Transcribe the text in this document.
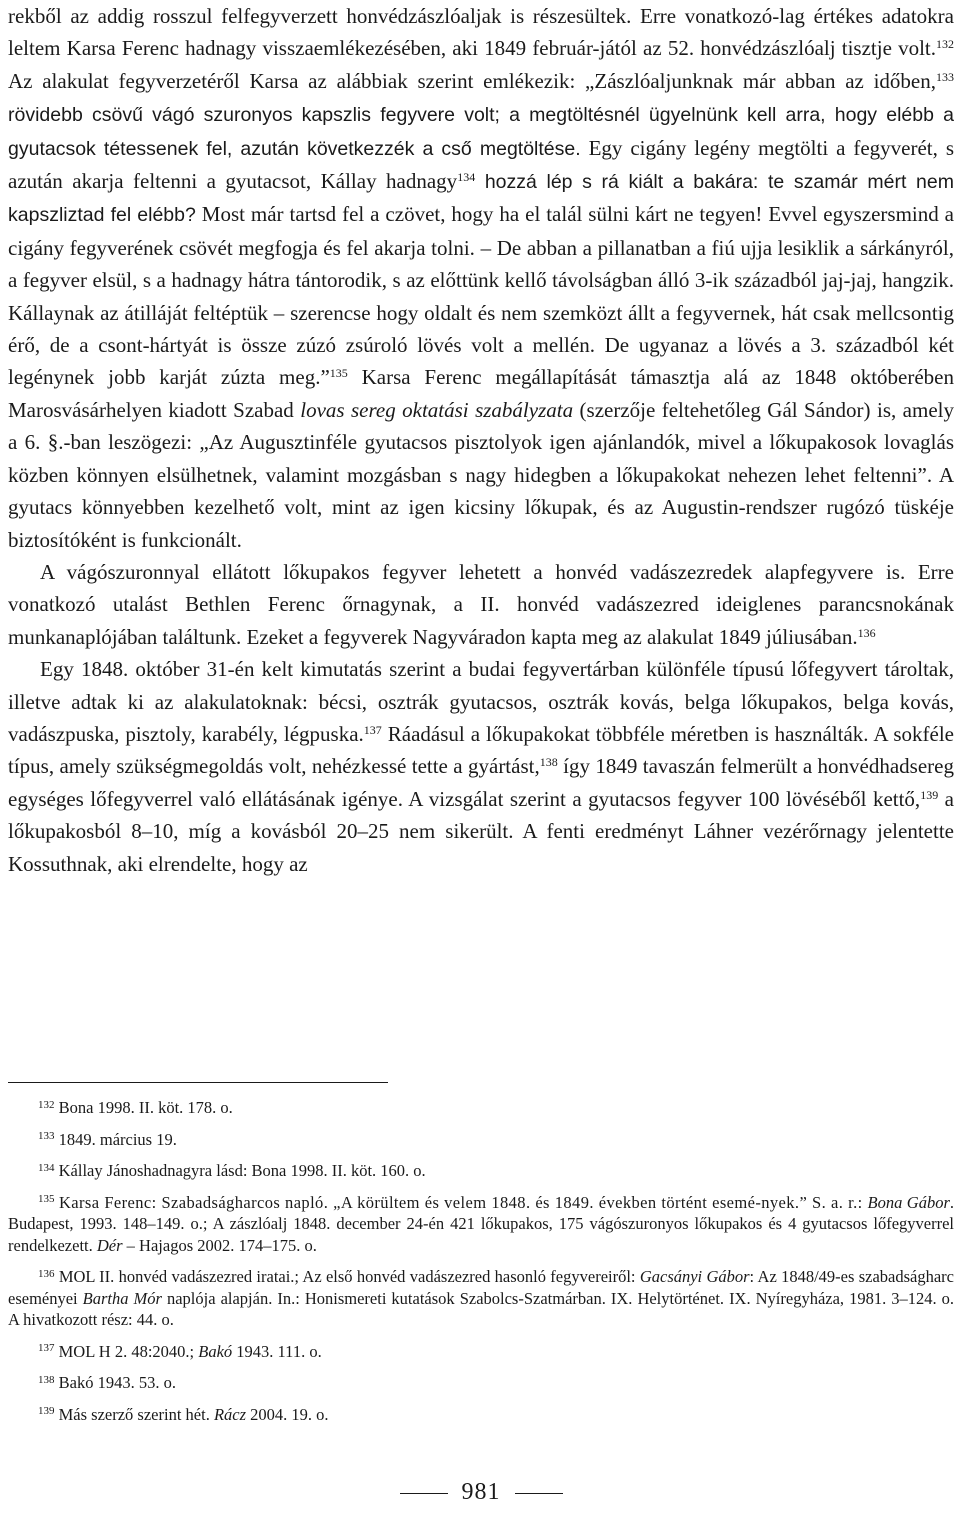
rekből az addig rosszul felfegyverzett honvédzászlóaljak is részesültek. Erre vonatkozó-lag értékes adatokra leltem Karsa Ferenc hadnagy visszaemlékezésében, aki 1849 február-jától az 52. honvédzászlóalj tisztje volt.$^{132}$ Az alakulat fegyverzetéről Karsa az alábbiak szerint emlékezik: „Zászlóaljunknak már abban az időben,$^{133}$ rövidebb csövű vágó szuronyos kapszlis fegyvere volt; a megtöltésnél ügyelnünk kell arra, hogy elébb a gyutacsok tétessenek fel, azután következzék a cső megtöltése. Egy cigány legény megtölti a fegyverét, s azután akarja feltenni a gyutacsot, Kállay hadnagy$^{134}$ hozzá lép s rá kiált a bakára: te szamár mért nem kapszliztad fel elébb? Most már tartsd fel a czövet, hogy ha el talál sülni kárt ne tegyen! Evvel egyszersmind a cigány fegyverének csövét megfogja és fel akarja tolni. – De abban a pillanatban a fiú ujja lesiklik a sárkányról, a fegyver elsül, s a hadnagy hátra tántorodik, s az előttünk kellő távolságban álló 3-ik századból jaj-jaj, hangzik. Kállaynak az átilláját feltéptük – szerencse hogy oldalt és nem szemközt állt a fegyvernek, hát csak mellcsontig érő, de a csont-hártyát is össze zúzó zsúroló lövés volt a mellén. De ugyanaz a lövés a 3. századból két legénynek jobb karját zúzta meg.”$^{135}$ Karsa Ferenc megállapítását támasztja alá az 1848 októberében Marosvásárhelyen kiadott Szabad lovas sereg oktatási szabályzata (szerzője feltehetőleg Gál Sándor) is, amely a 6. §.-ban leszögezi: „Az Augusztinféle gyutacsos pisztolyok igen ajánlandók, mivel a lőkupakosok lovaglás közben könnyen elsülhetnek, valamint mozgásban s nagy hidegben a lőkupakokat nehezen lehet feltenni”. A gyutacs könnyebben kezelhető volt, mint az igen kicsiny lőkupak, és az Augustin-rendszer rugózó tüskéje biztosítóként is funkcionált.

A vágószuronnyal ellátott lőkupakos fegyver lehetett a honvéd vadászezredek alapfegyvere is. Erre vonatkozó utalást Bethlen Ferenc őrnagynak, a II. honvéd vadászezred ideiglenes parancsnokának munkanaplójában találtunk. Ezeket a fegyverek Nagyváradon kapta meg az alakulat 1849 júliusában.$^{136}$

Egy 1848. október 31-én kelt kimutatás szerint a budai fegyvertárban különféle típusú lőfegyvert tároltak, illetve adtak ki az alakulatoknak: bécsi, osztrák gyutacsos, osztrák kovás, belga lőkupakos, belga kovás, vadászpuska, pisztoly, karabély, légpuska.$^{137}$ Ráadásul a lőkupakokat többféle méretben is használták. A sokféle típus, amely szükségmegoldás volt, nehézkessé tette a gyártást,$^{138}$ így 1849 tavaszán felmerült a honvédhadsereg egységes lőfegyverrel való ellátásának igénye. A vizsgálat szerint a gyutacsos fegyver 100 lövéséből kettő,$^{139}$ a lőkupakosból 8–10, míg a kovásból 20–25 nem sikerült. A fenti eredményt Láhner vezérőrnagy jelentette Kossuthnak, aki elrendelte, hogy az

$^{132}$ Bona 1998. II. köt. 178. o.

$^{133}$ 1849. március 19.

$^{134}$ Kállay Jánoshadnagyra lásd: Bona 1998. II. köt. 160. o.

$^{135}$ Karsa Ferenc: Szabadságharcos napló. „A körültem és velem 1848. és 1849. években történt esemé-nyek.” S. a. r.: Bona Gábor. Budapest, 1993. 148–149. o.; A zászlóalj 1848. december 24-én 421 lőkupakos, 175 vágószuronyos lőkupakos és 4 gyutacsos lőfegyverrel rendelkezett. Dér – Hajagos 2002. 174–175. o.

$^{136}$ MOL II. honvéd vadászezred iratai.; Az első honvéd vadászezred hasonló fegyvereiről: Gacsányi Gábor: Az 1848/49-es szabadságharc eseményei Bartha Mór naplója alapján. In.: Honismereti kutatások Szabolcs-Szatmárban. IX. Helytörténet. IX. Nyíregyháza, 1981. 3–124. o. A hivatkozott rész: 44. o.

$^{137}$ MOL H 2. 48:2040.; Bakó 1943. 111. o.

$^{138}$ Bakó 1943. 53. o.

$^{139}$ Más szerző szerint hét. Rácz 2004. 19. o.

981
